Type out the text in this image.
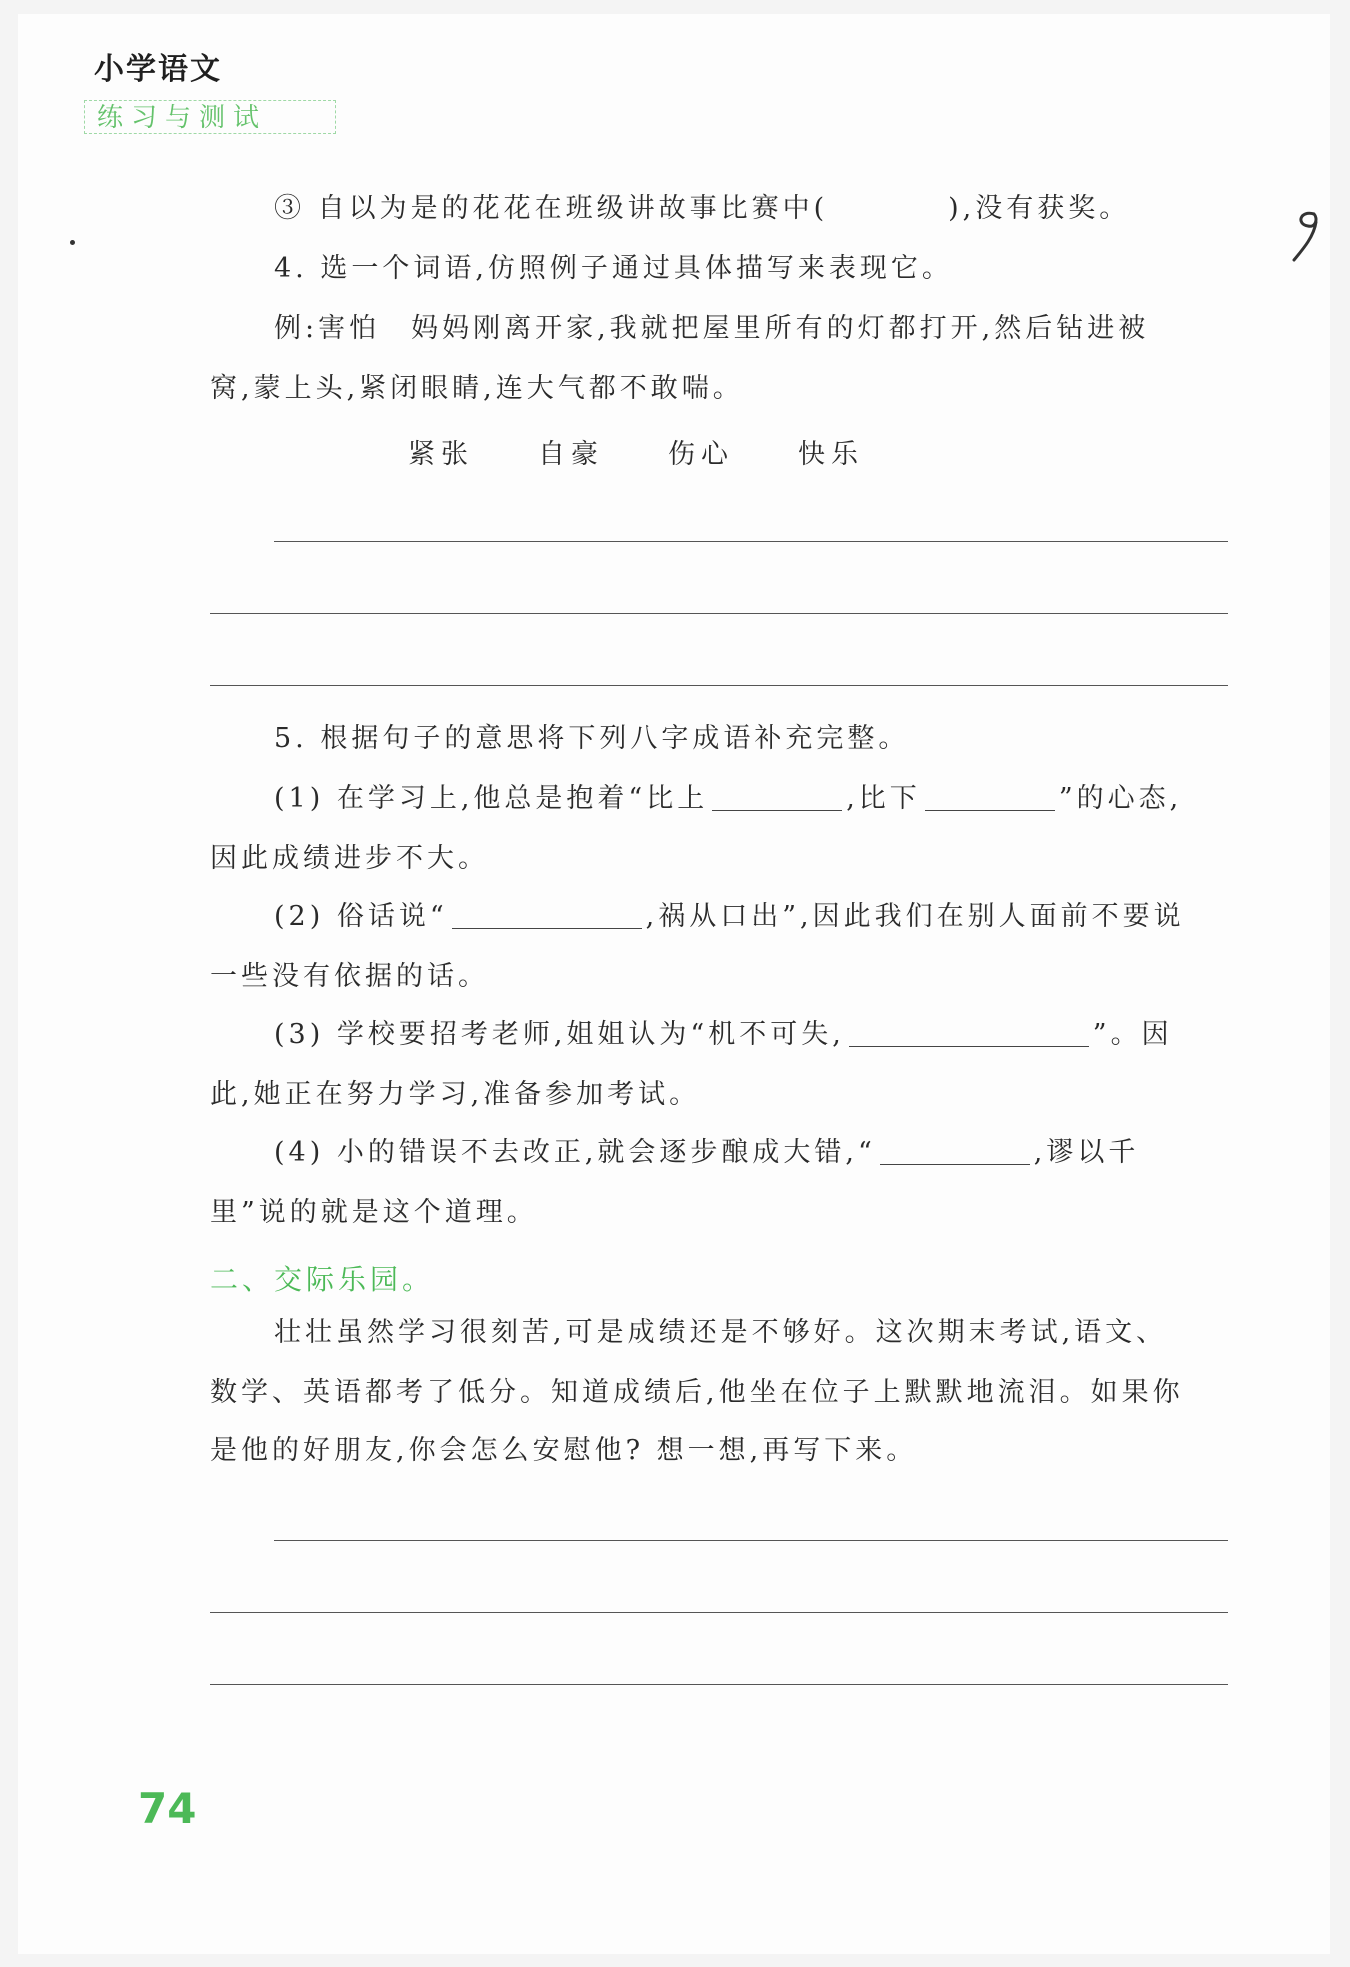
小学语文
练习与测试
③ 自以为是的花花在班级讲故事比赛中(	),没有获奖。
4. 选一个词语,仿照例子通过具体描写来表现它。
例:害怕　妈妈刚离开家,我就把屋里所有的灯都打开,然后钻进被
窝,蒙上头,紧闭眼睛,连大气都不敢喘。
紧张 自豪 伤心 快乐
5. 根据句子的意思将下列八字成语补充完整。
(1) 在学习上,他总是抱着“比上	,比下	”的心态,
因此成绩进步不大。
(2) 俗话说“	,祸从口出”,因此我们在别人面前不要说
一些没有依据的话。
(3) 学校要招考老师,姐姐认为“机不可失,	”。因
此,她正在努力学习,准备参加考试。
(4) 小的错误不去改正,就会逐步酿成大错,“	,谬以千
里”说的就是这个道理。
二、交际乐园。
壮壮虽然学习很刻苦,可是成绩还是不够好。这次期末考试,语文、
数学、英语都考了低分。知道成绩后,他坐在位子上默默地流泪。如果你
是他的好朋友,你会怎么安慰他? 想一想,再写下来。
74
